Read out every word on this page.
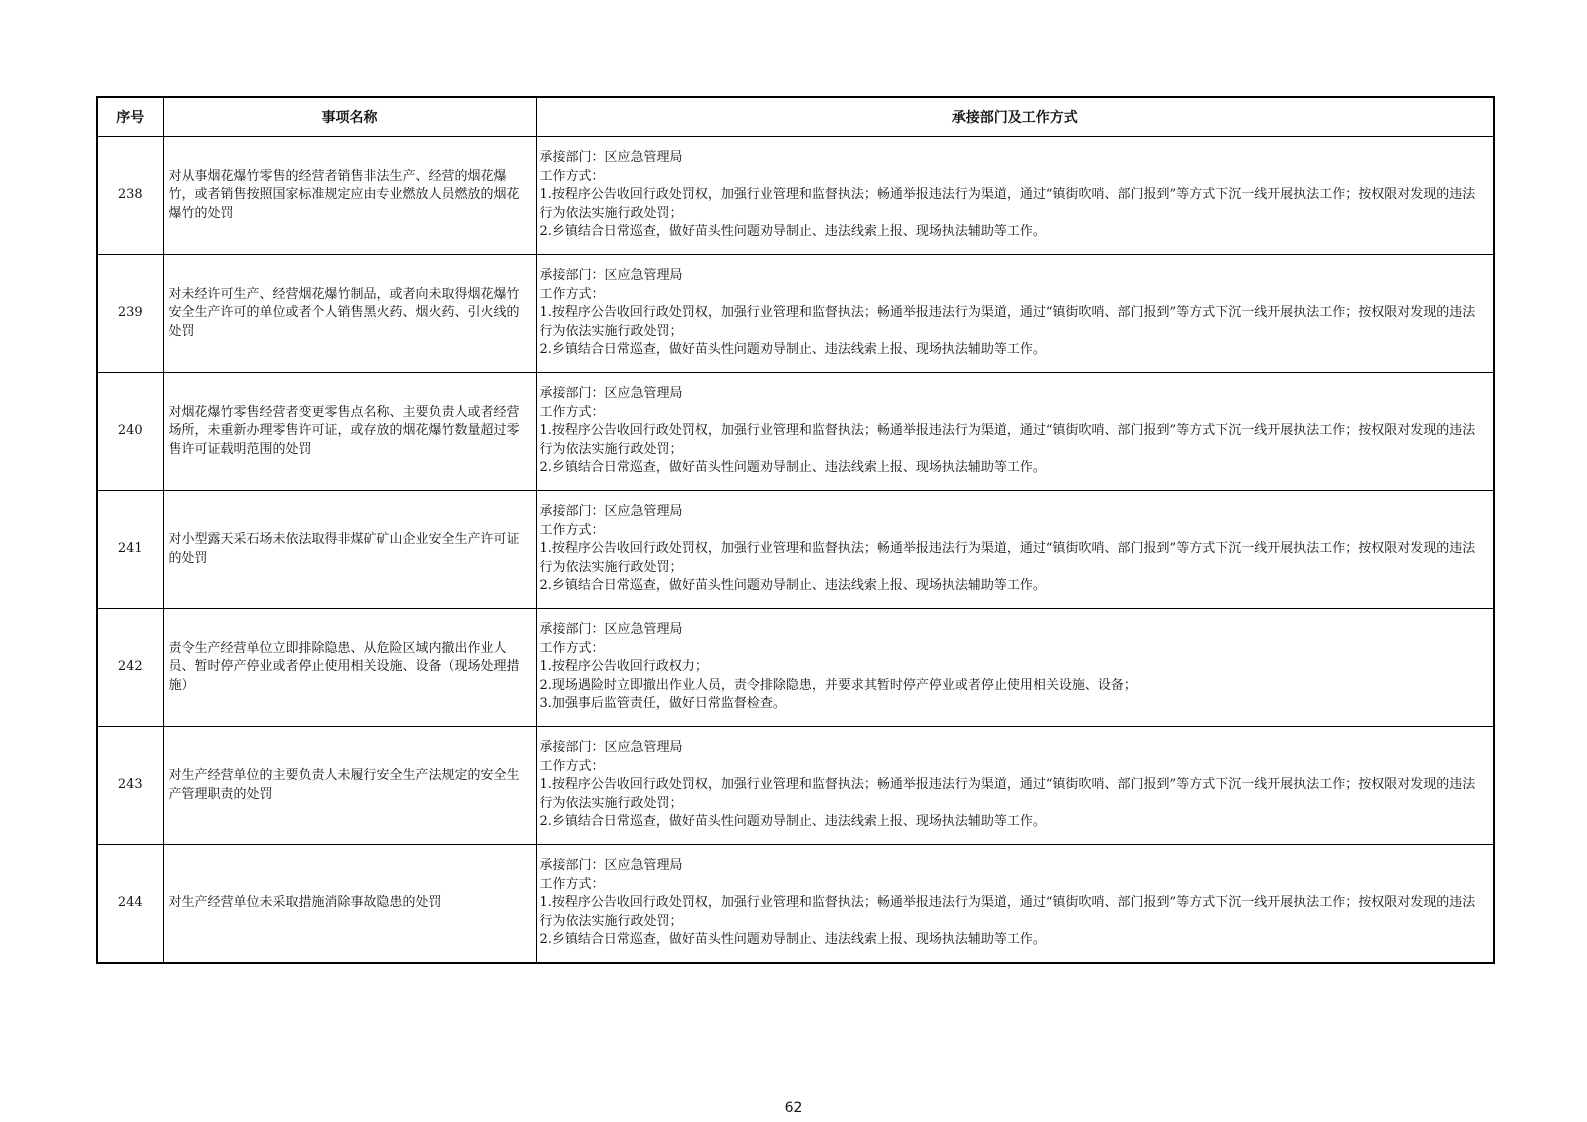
序号	事项名称	承接部门及工作方式
238	对从事烟花爆竹零售的经营者销售非法生产、经营的烟花爆竹，或者销售按照国家标准规定应由专业燃放人员燃放的烟花爆竹的处罚	承接部门：区应急管理局
工作方式：
1.按程序公告收回行政处罚权，加强行业管理和监督执法；畅通举报违法行为渠道，通过“镇街吹哨、部门报到”等方式下沉一线开展执法工作；按权限对发现的违法行为依法实施行政处罚；
2.乡镇结合日常巡查，做好苗头性问题劝导制止、违法线索上报、现场执法辅助等工作。

239	对未经许可生产、经营烟花爆竹制品，或者向未取得烟花爆竹安全生产许可的单位或者个人销售黑火药、烟火药、引火线的处罚	承接部门：区应急管理局
工作方式：
1.按程序公告收回行政处罚权，加强行业管理和监督执法；畅通举报违法行为渠道，通过“镇街吹哨、部门报到”等方式下沉一线开展执法工作；按权限对发现的违法行为依法实施行政处罚；
2.乡镇结合日常巡查，做好苗头性问题劝导制止、违法线索上报、现场执法辅助等工作。

240	对烟花爆竹零售经营者变更零售点名称、主要负责人或者经营场所，未重新办理零售许可证，或存放的烟花爆竹数量超过零售许可证载明范围的处罚	承接部门：区应急管理局
工作方式：
1.按程序公告收回行政处罚权，加强行业管理和监督执法；畅通举报违法行为渠道，通过“镇街吹哨、部门报到”等方式下沉一线开展执法工作；按权限对发现的违法行为依法实施行政处罚；
2.乡镇结合日常巡查，做好苗头性问题劝导制止、违法线索上报、现场执法辅助等工作。

241	对小型露天采石场未依法取得非煤矿矿山企业安全生产许可证的处罚	承接部门：区应急管理局
工作方式：
1.按程序公告收回行政处罚权，加强行业管理和监督执法；畅通举报违法行为渠道，通过“镇街吹哨、部门报到”等方式下沉一线开展执法工作；按权限对发现的违法行为依法实施行政处罚；
2.乡镇结合日常巡查，做好苗头性问题劝导制止、违法线索上报、现场执法辅助等工作。

242	责令生产经营单位立即排除隐患、从危险区域内撤出作业人员、暂时停产停业或者停止使用相关设施、设备（现场处理措施）	承接部门：区应急管理局
工作方式：
1.按程序公告收回行政权力；
2.现场遇险时立即撤出作业人员，责令排除隐患，并要求其暂时停产停业或者停止使用相关设施、设备；
3.加强事后监管责任，做好日常监督检查。

243	对生产经营单位的主要负责人未履行安全生产法规定的安全生产管理职责的处罚	承接部门：区应急管理局
工作方式：
1.按程序公告收回行政处罚权，加强行业管理和监督执法；畅通举报违法行为渠道，通过“镇街吹哨、部门报到”等方式下沉一线开展执法工作；按权限对发现的违法行为依法实施行政处罚；
2.乡镇结合日常巡查，做好苗头性问题劝导制止、违法线索上报、现场执法辅助等工作。

244	对生产经营单位未采取措施消除事故隐患的处罚	承接部门：区应急管理局
工作方式：
1.按程序公告收回行政处罚权，加强行业管理和监督执法；畅通举报违法行为渠道，通过“镇街吹哨、部门报到”等方式下沉一线开展执法工作；按权限对发现的违法行为依法实施行政处罚；
2.乡镇结合日常巡查，做好苗头性问题劝导制止、违法线索上报、现场执法辅助等工作。
62
